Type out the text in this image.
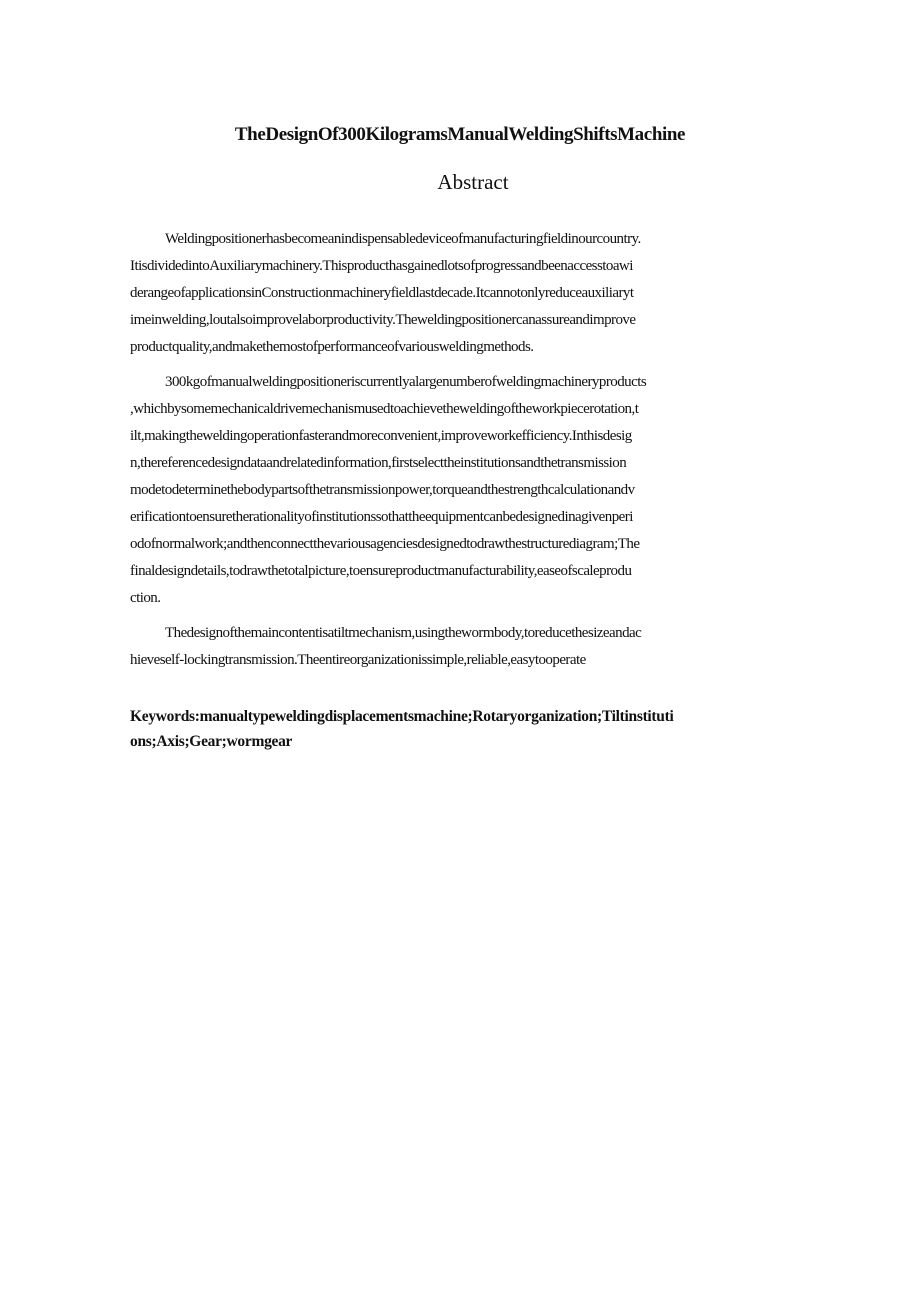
TheDesignOf300KilogramsManualWeldingShiftsMachine
Abstract
Weldingpositionerhasbecomeanindispensabledeviceofmanufacturingfieldinourcountry.
ItisdividedintoAuxiliarymachinery.Thisproducthasgainedlotsofprogressandbeenaccesstoawi
derangeofapplicationsinConstructionmachineryfieldlastdecade.Itcannotonlyreduceauxiliaryt
imeinwelding,loutalsoimprovelaborproductivity.Theweldingpositionercanassureandimprove
productquality,andmakethemostofperformanceofvariousweldingmethods.
300kgofmanualweldingpositioneriscurrentlyalargenumberofweldingmachineryproducts
,whichbysomemechanicaldrivemechanismusedtoachievetheweldingoftheworkpiecerotation,t
ilt,makingtheweldingoperationfasterandmoreconvenient,improveworkefficiency.Inthisdesig
n,thereferencedesigndataandrelatedinformation,firstselecttheinstitutionsandthetransmission
modetodeterminethebodypartsofthetransmissionpower,torqueandthestrengthcalculationandv
erificationtoensuretherationalityofinstitutionssothattheequipmentcanbedesignedinagivenperi
odofnormalwork;andthenconnectthevariousagenciesdesignedtodrawthestructurediagram;The
finaldesigndetails,todrawthetotalpicture,toensureproductmanufacturability,easeofscaleprodu
ction.
Thedesignofthemaincontentisatiltmechanism,usingthewormbody,toreducethesizeandac
hieveself-lockingtransmission.Theentireorganizationissimple,reliable,easytooperate
Keywords:manualtypeweldingdisplacementsmachine;Rotaryorganization;Tiltinstituti
ons;Axis;Gear;wormgear
